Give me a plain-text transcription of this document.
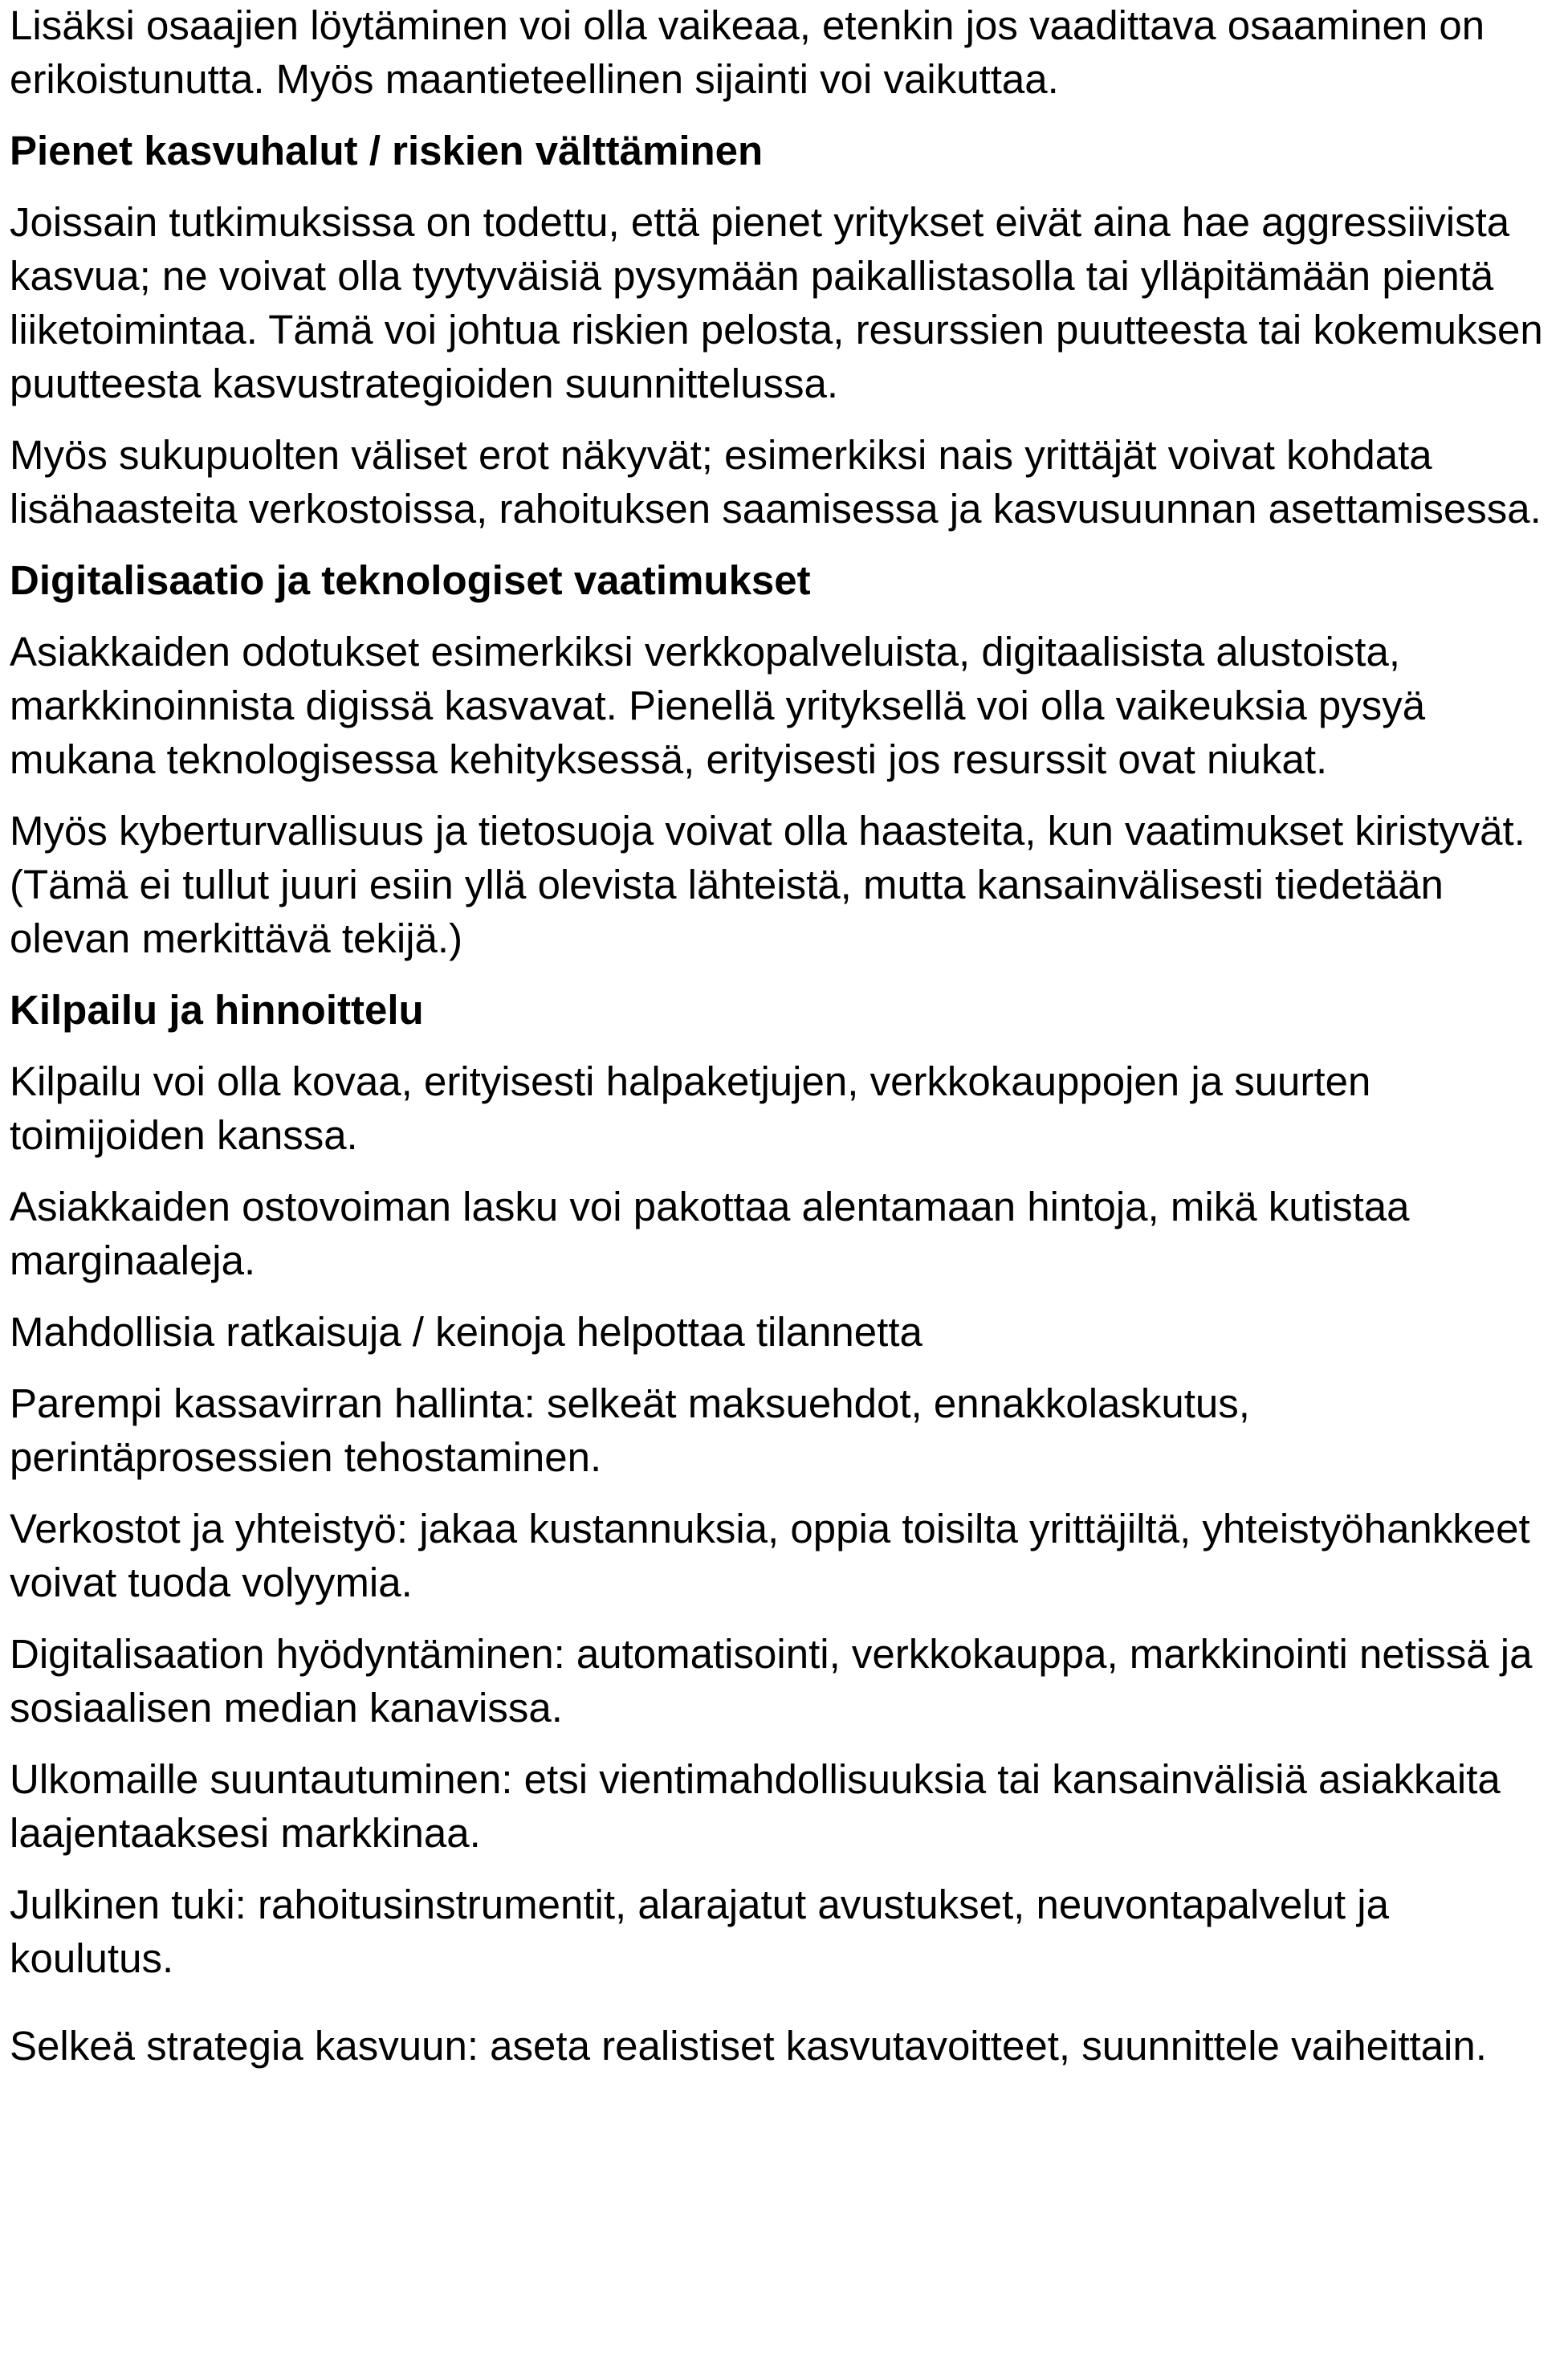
Lisäksi osaajien löytäminen voi olla vaikeaa, etenkin jos vaadittava osaaminen on erikoistunutta. Myös maantieteellinen sijainti voi vaikuttaa.

Pienet kasvuhalut / riskien välttäminen

Joissain tutkimuksissa on todettu, että pienet yritykset eivät aina hae aggressiivista kasvua; ne voivat olla tyytyväisiä pysymään paikallistasolla tai ylläpitämään pientä liiketoimintaa. Tämä voi johtua riskien pelosta, resurssien puutteesta tai kokemuksen puutteesta kasvustrategioiden suunnittelussa.

Myös sukupuolten väliset erot näkyvät; esimerkiksi nais yrittäjät voivat kohdata lisähaasteita verkostoissa, rahoituksen saamisessa ja kasvusuunnan asettamisessa.

Digitalisaatio ja teknologiset vaatimukset

Asiakkaiden odotukset esimerkiksi verkkopalveluista, digitaalisista alustoista, markkinoinnista digissä kasvavat. Pienellä yrityksellä voi olla vaikeuksia pysyä mukana teknologisessa kehityksessä, erityisesti jos resurssit ovat niukat.

Myös kyberturvallisuus ja tietosuoja voivat olla haasteita, kun vaatimukset kiristyvät. (Tämä ei tullut juuri esiin yllä olevista lähteistä, mutta kansainvälisesti tiedetään olevan merkittävä tekijä.)

Kilpailu ja hinnoittelu

Kilpailu voi olla kovaa, erityisesti halpaketjujen, verkkokauppojen ja suurten toimijoiden kanssa.

Asiakkaiden ostovoiman lasku voi pakottaa alentamaan hintoja, mikä kutistaa marginaaleja.

Mahdollisia ratkaisuja / keinoja helpottaa tilannetta

Parempi kassavirran hallinta: selkeät maksuehdot, ennakkolaskutus, perintäprosessien tehostaminen.

Verkostot ja yhteistyö: jakaa kustannuksia, oppia toisilta yrittäjiltä, yhteistyöhankkeet voivat tuoda volyymia.

Digitalisaation hyödyntäminen: automatisointi, verkkokauppa, markkinointi netissä ja sosiaalisen median kanavissa.

Ulkomaille suuntautuminen: etsi vientimahdollisuuksia tai kansainvälisiä asiakkaita laajentaaksesi markkinaa.

Julkinen tuki: rahoitusinstrumentit, alarajatut avustukset, neuvontapalvelut ja koulutus.

Selkeä strategia kasvuun: aseta realistiset kasvutavoitteet, suunnittele vaiheittain.
